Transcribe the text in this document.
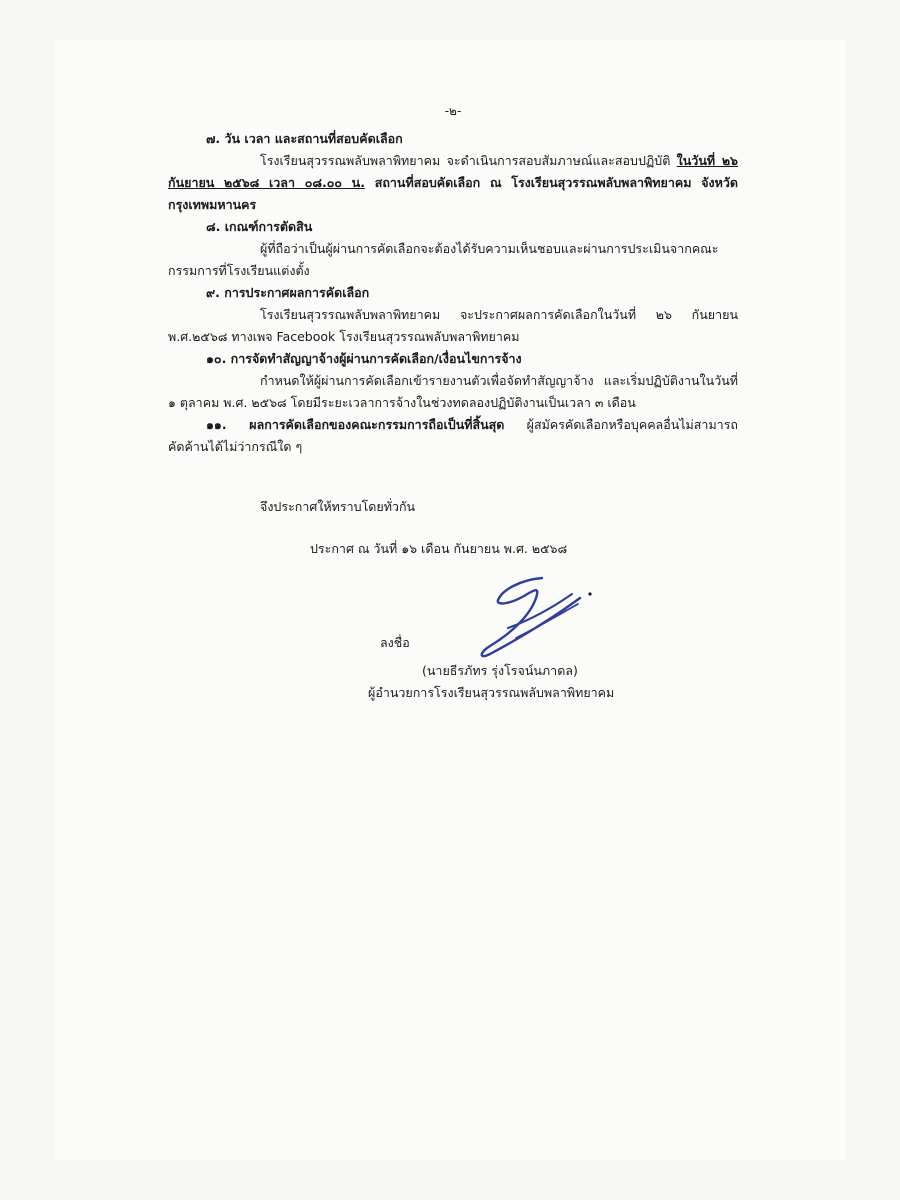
-๒-
๗. วัน เวลา และสถานที่สอบคัดเลือก
โรงเรียนสุวรรณพลับพลาพิทยาคม จะดำเนินการสอบสัมภาษณ์และสอบปฏิบัติ ในวันที่ ๒๖ กันยายน ๒๕๖๘ เวลา ๐๘.๐๐ น. สถานที่สอบคัดเลือก ณ โรงเรียนสุวรรณพลับพลาพิทยาคม จังหวัดกรุงเทพมหานคร
๘. เกณฑ์การตัดสิน
ผู้ที่ถือว่าเป็นผู้ผ่านการคัดเลือกจะต้องได้รับความเห็นชอบและผ่านการประเมินจากคณะกรรมการที่โรงเรียนแต่งตั้ง
๙. การประกาศผลการคัดเลือก
โรงเรียนสุวรรณพลับพลาพิทยาคม จะประกาศผลการคัดเลือกในวันที่ ๒๖ กันยายน พ.ศ.๒๕๖๘ ทางเพจ Facebook โรงเรียนสุวรรณพลับพลาพิทยาคม
๑๐. การจัดทำสัญญาจ้างผู้ผ่านการคัดเลือก/เงื่อนไขการจ้าง
กำหนดให้ผู้ผ่านการคัดเลือกเข้ารายงานตัวเพื่อจัดทำสัญญาจ้าง และเริ่มปฏิบัติงานในวันที่ ๑ ตุลาคม พ.ศ. ๒๕๖๘ โดยมีระยะเวลาการจ้างในช่วงทดลองปฏิบัติงานเป็นเวลา ๓ เดือน
๑๑. ผลการคัดเลือกของคณะกรรมการถือเป็นที่สิ้นสุด ผู้สมัครคัดเลือกหรือบุคคลอื่นไม่สามารถคัดค้านได้ไม่ว่ากรณีใด ๆ
จึงประกาศให้ทราบโดยทั่วกัน
ประกาศ ณ วันที่ ๑๖ เดือน กันยายน พ.ศ. ๒๕๖๘
ลงชื่อ
(นายธีรภัทร รุ่งโรจน์นภาดล)
ผู้อำนวยการโรงเรียนสุวรรณพลับพลาพิทยาคม
